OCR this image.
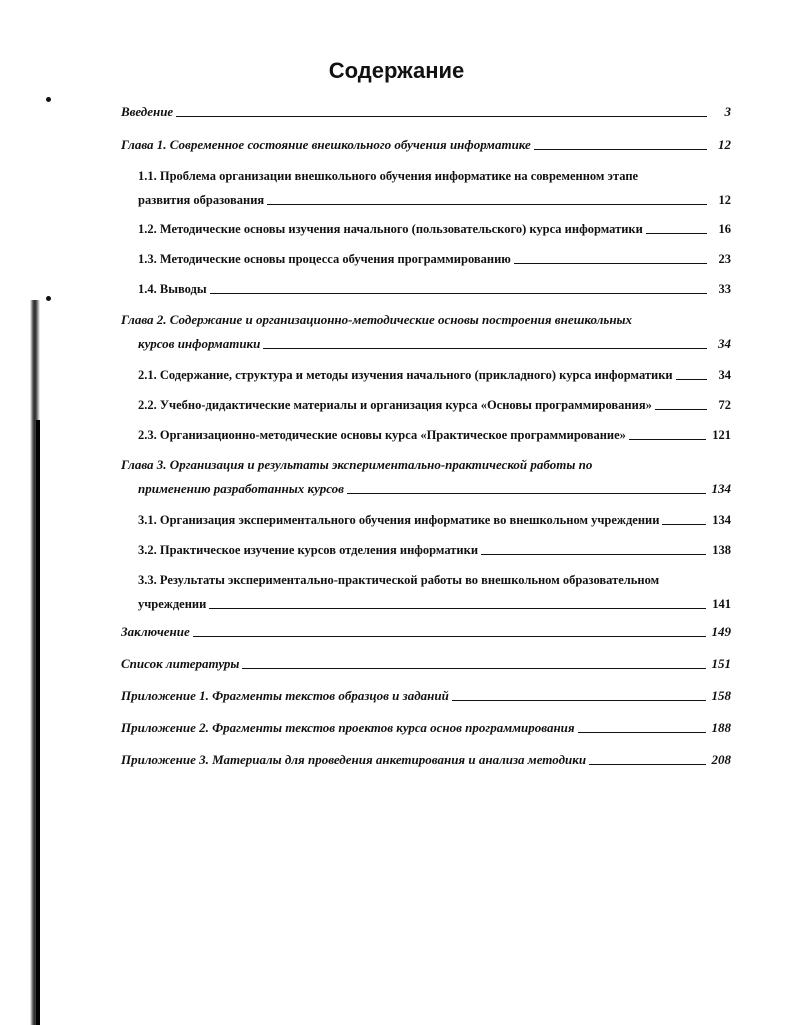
Содержание
Введение	3
Глава 1. Современное состояние внешкольного обучения информатике	12
1.1. Проблема организации внешкольного обучения информатике на современном этапе
развития образования	12
1.2. Методические основы изучения начального (пользовательского) курса информатики	16
1.3. Методические основы процесса обучения программированию	23
1.4. Выводы	33
Глава 2. Содержание и организационно-методические основы построения внешкольных
курсов информатики	34
2.1. Содержание, структура и методы изучения начального (прикладного) курса информатики	34
2.2. Учебно-дидактические материалы и организация курса «Основы программирования»	72
2.3. Организационно-методические основы курса «Практическое программирование»	121
Глава 3. Организация и результаты экспериментально-практической работы по
применению разработанных курсов	134
3.1. Организация экспериментального обучения информатике во внешкольном учреждении	134
3.2. Практическое изучение курсов отделения информатики	138
3.3. Результаты экспериментально-практической работы во внешкольном образовательном
учреждении	141
Заключение	149
Список литературы	151
Приложение 1. Фрагменты текстов образцов и заданий	158
Приложение 2. Фрагменты текстов проектов курса основ программирования	188
Приложение 3. Материалы для проведения анкетирования и анализа методики	208
